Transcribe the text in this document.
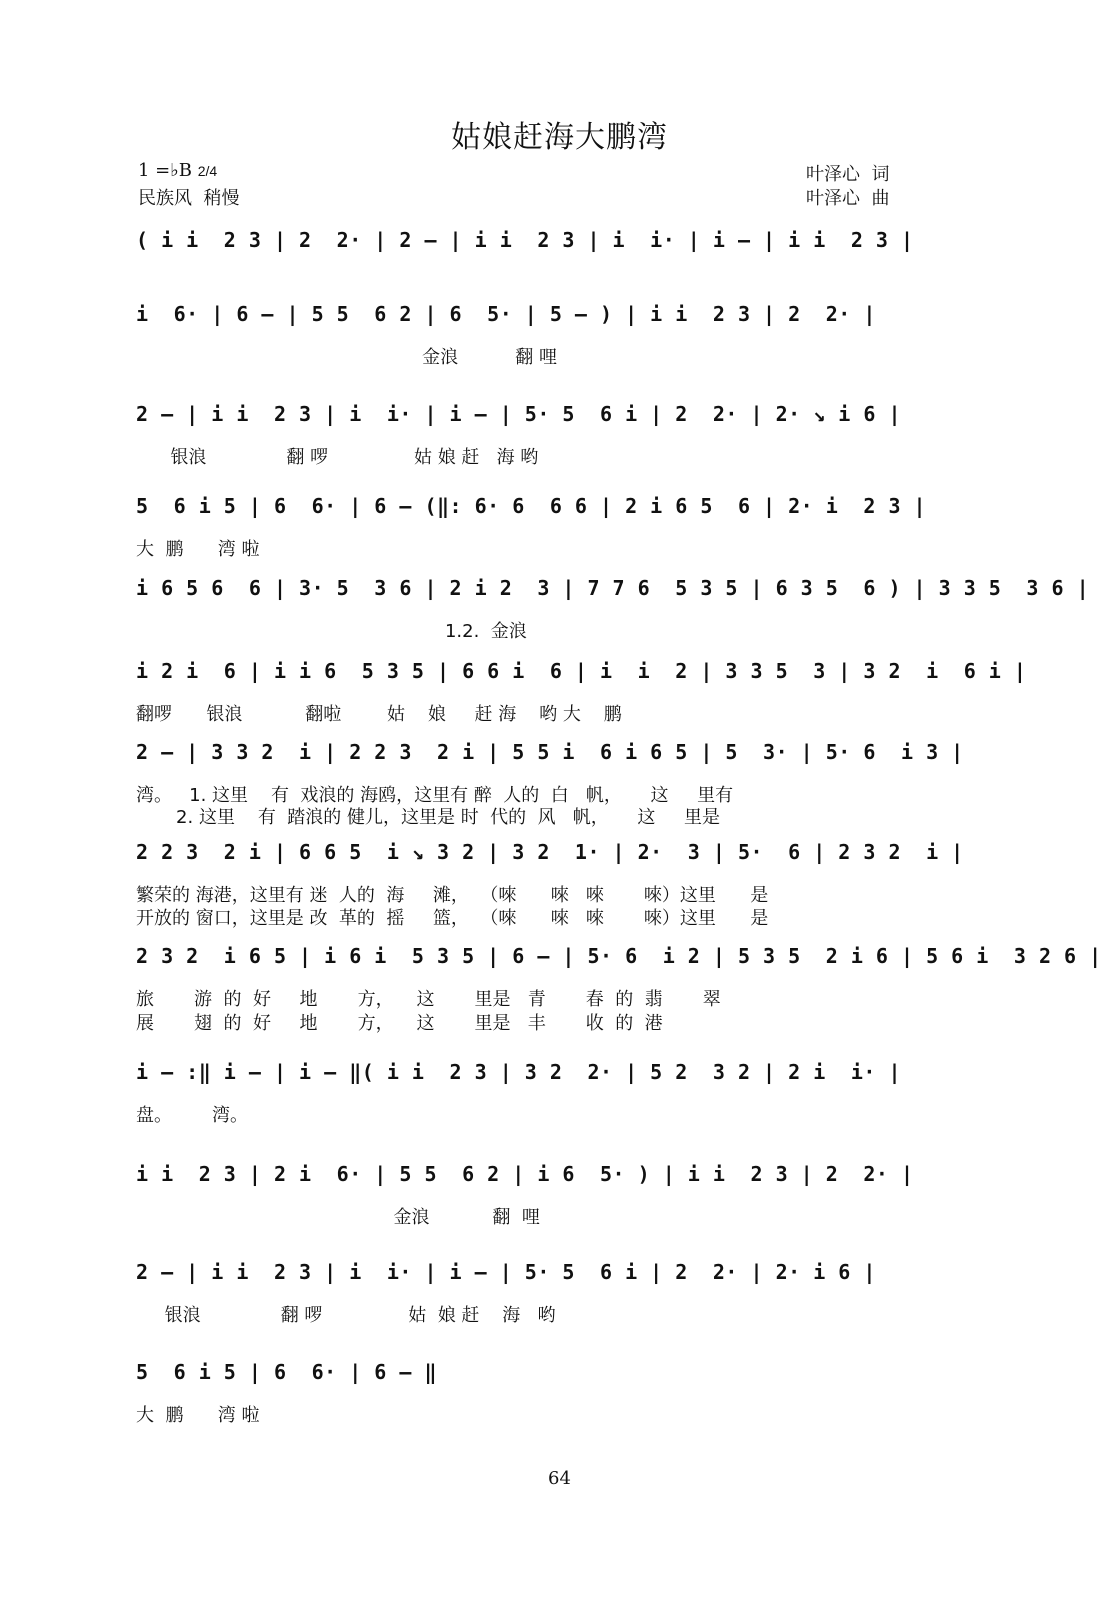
姑娘赶海大鹏湾
1 =♭B 2/4
民族风  稍慢
叶泽心  词
叶泽心  曲
( i i  2 3 | 2  2· | 2 — | i i  2 3 | i  i· | i — | i i  2 3 |
i  6· | 6 — | 5 5  6 2 | 6  5· | 5 — ) | i i  2 3 | 2  2· |
金浪          翻 哩
2 — | i i  2 3 | i  i· | i — | 5· 5  6 i | 2  2· | 2· ↘ i 6 |
银浪              翻 啰               姑 娘 赶   海 哟
5  6 i 5 | 6  6· | 6 — (‖: 6· 6  6 6 | 2 i 6 5  6 | 2· i  2 3 |
大  鹏      湾 啦
i 6 5 6  6 | 3· 5  3 6 | 2 i 2  3 | 7 7 6  5 3 5 | 6 3 5  6 ) | 3 3 5  3 6 |
1.2.  金浪
i 2 i  6 | i i 6  5 3 5 | 6 6 i  6 | i  i  2 | 3 3 5  3 | 3 2  i  6 i |
翻啰      银浪           翻啦        姑    娘     赶 海    哟 大    鹏
2 — | 3 3 2  i | 2 2 3  2 i | 5 5 i  6 i 6 5 | 5  3· | 5· 6  i 3 |
湾。   1. 这里    有  戏浪的 海鸥，这里有 醉  人的  白   帆，     这     里有
2. 这里    有  踏浪的 健儿，这里是 时  代的  风   帆，     这     里是
2 2 3  2 i | 6 6 5  i ↘ 3 2 | 3 2  1· | 2·  3 | 5·  6 | 2 3 2  i |
繁荣的 海港，这里有 迷  人的  海     滩，  （唻      唻   唻       唻）这里      是
开放的 窗口，这里是 改  革的  摇     篮，  （唻      唻   唻       唻）这里      是
2 3 2  i 6 5 | i 6 i  5 3 5 | 6 — | 5· 6  i 2 | 5 3 5  2 i 6 | 5 6 i  3 2 6 |
旅       游  的  好     地       方，    这       里是   青       春  的  翡       翠
展       翅  的  好     地       方，    这       里是   丰       收  的  港
i — :‖ i — | i — ‖( i i  2 3 | 3 2  2· | 5 2  3 2 | 2 i  i· |
盘。       湾。
i i  2 3 | 2 i  6· | 5 5  6 2 | i 6  5· ) | i i  2 3 | 2  2· |
金浪           翻  哩
2 — | i i  2 3 | i  i· | i — | 5· 5  6 i | 2  2· | 2· i 6 |
银浪              翻 啰               姑  娘 赶    海   哟
5  6 i 5 | 6  6· | 6 — ‖
大  鹏      湾 啦
64
